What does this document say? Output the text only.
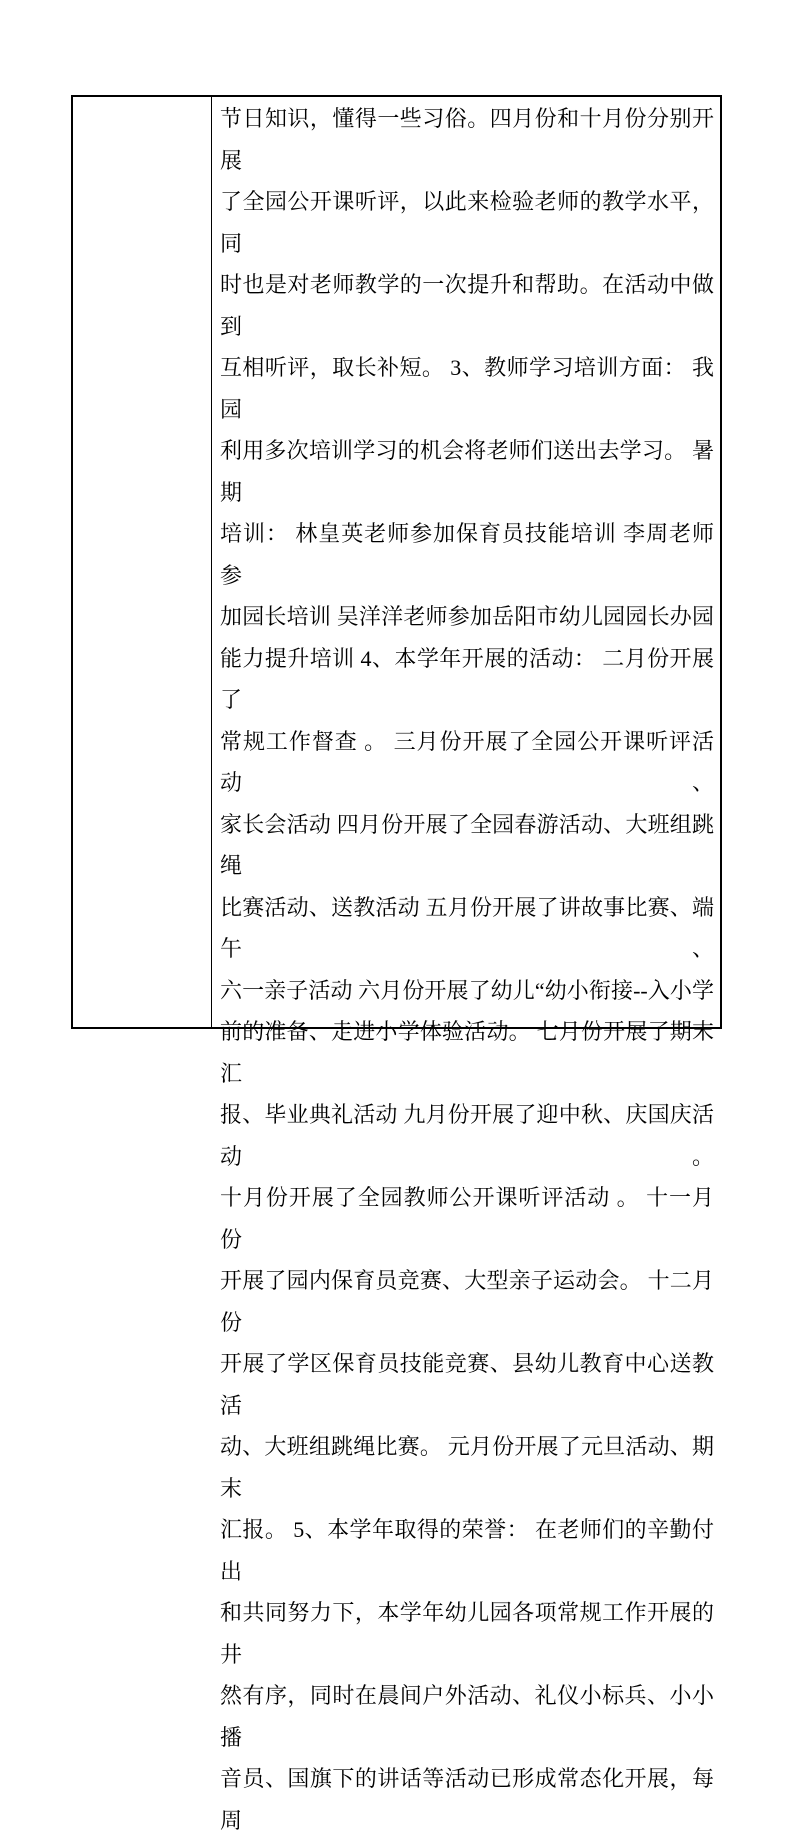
节日知识，懂得一些习俗。四月份和十月份分别开展
了全园公开课听评，以此来检验老师的教学水平，同
时也是对老师教学的一次提升和帮助。在活动中做到
互相听评，取长补短。 3、教师学习培训方面： 我园
利用多次培训学习的机会将老师们送出去学习。 暑期
培训： 林皇英老师参加保育员技能培训 李周老师参
加园长培训 吴洋洋老师参加岳阳市幼儿园园长办园
能力提升培训 4、本学年开展的活动： 二月份开展了
常规工作督查 。 三月份开展了全园公开课听评活动、
家长会活动 四月份开展了全园春游活动、大班组跳绳
比赛活动、送教活动 五月份开展了讲故事比赛、端午、
六一亲子活动 六月份开展了幼儿“幼小衔接--入小学
前的准备、走进小学体验活动。 七月份开展了期末汇
报、毕业典礼活动 九月份开展了迎中秋、庆国庆活动。
十月份开展了全园教师公开课听评活动 。 十一月份
开展了园内保育员竞赛、大型亲子运动会。 十二月份
开展了学区保育员技能竞赛、县幼儿教育中心送教活
动、大班组跳绳比赛。 元月份开展了元旦活动、期末
汇报。 5、本学年取得的荣誉： 在老师们的辛勤付出
和共同努力下，本学年幼儿园各项常规工作开展的井
然有序，同时在晨间户外活动、礼仪小标兵、小小播
音员、国旗下的讲话等活动已形成常态化开展，每周
